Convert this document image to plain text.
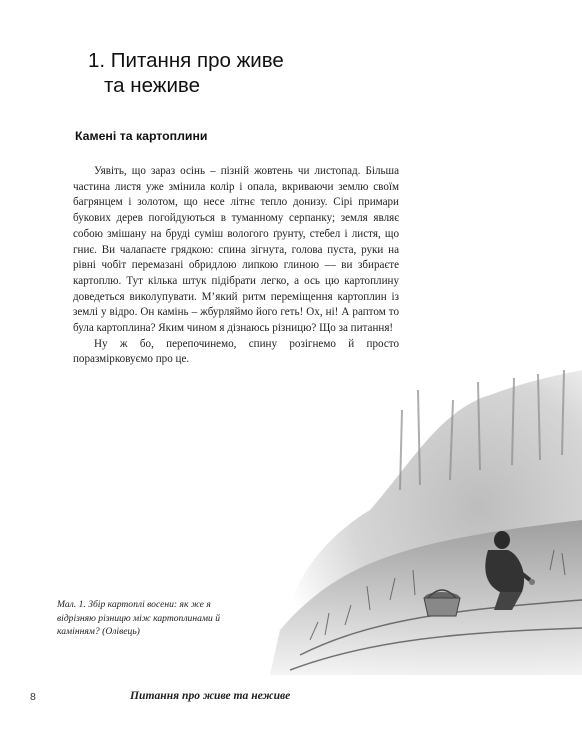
1. Питання про живе
та неживе
Камені та картоплини

Уявіть, що зараз осінь – пізній жовтень чи листопад. Більша частина листя уже змінила колір і опала, вкриваючи землю своїм багрянцем і золотом, що несе літнє тепло донизу. Сірі примари букових дерев погойдуються в туманному серпанку; земля являє собою змішану на бруді суміш вологого ґрунту, стебел і листя, що гниє. Ви чалапаєте грядкою: спина зігнута, голова пуста, руки на рівні чобіт перемазані обридлою липкою глиною — ви збираєте картоплю. Тут кілька штук підібрати легко, а ось цю картоплину доведеться виколупувати. М’який ритм переміщення картоплин із землі у відро. Он камінь – жбурляймо його геть! Ох, ні! А раптом то була картоплина? Яким чином я дізнаюсь різницю? Що за питання!

Ну ж бо, перепочинемо, спину розігнемо й просто поразмірковуємо про це.

Мал. 1. Збір картоплі восени: як же я відрізняю різницю між картоплинами й камінням? (Олівець)
8	Питання про живе та неживе
